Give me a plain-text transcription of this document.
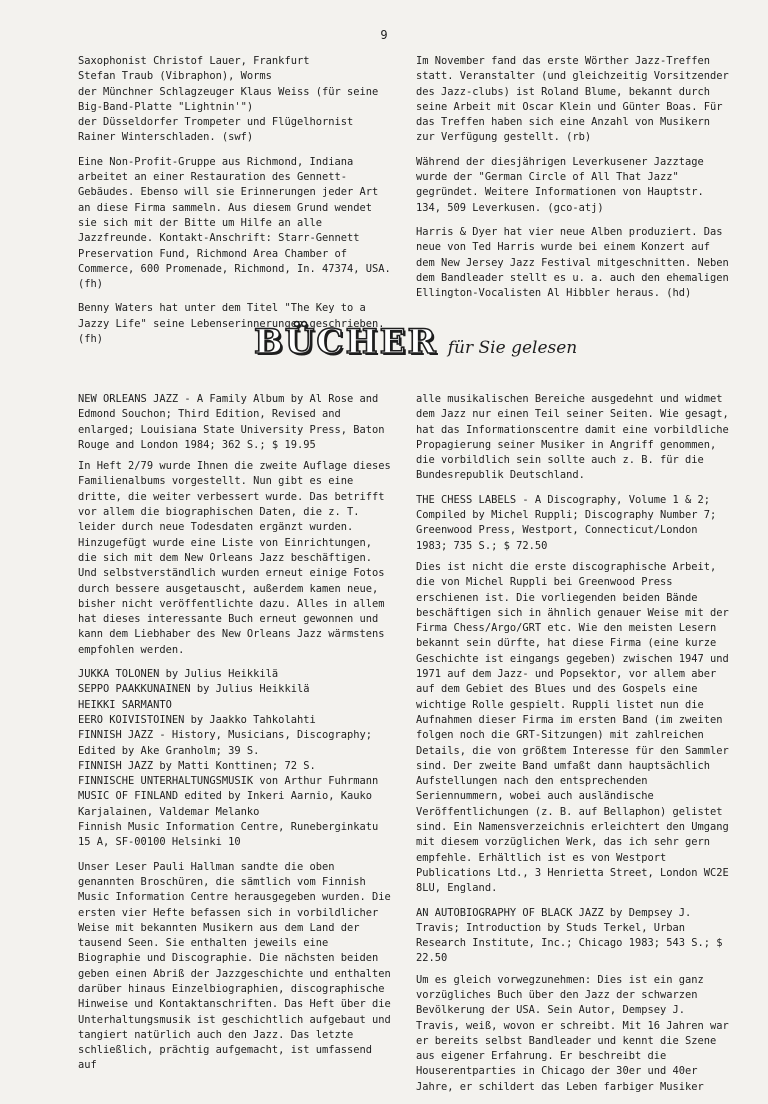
9

Saxophonist Christof Lauer, Frankfurt
Stefan Traub (Vibraphon), Worms
der Münchner Schlagzeuger Klaus Weiss (für seine Big-Band-Platte "Lightnin'")
der Düsseldorfer Trompeter und Flügelhornist Rainer Winterschladen. (swf)

Eine Non-Profit-Gruppe aus Richmond, Indiana arbeitet an einer Restauration des Gennett-Gebäudes. Ebenso will sie Erinnerungen jeder Art an diese Firma sammeln. Aus diesem Grund wendet sie sich mit der Bitte um Hilfe an alle Jazzfreunde. Kontakt-Anschrift: Starr-Gennett Preservation Fund, Richmond Area Chamber of Commerce, 600 Promenade, Richmond, In. 47374, USA. (fh)

Benny Waters hat unter dem Titel "The Key to a Jazzy Life" seine Lebenserinnerungen geschrieben. (fh)

Im November fand das erste Wörther Jazz-Treffen statt. Veranstalter (und gleichzeitig Vorsitzender des Jazz-clubs) ist Roland Blume, bekannt durch seine Arbeit mit Oscar Klein und Günter Boas. Für das Treffen haben sich eine Anzahl von Musikern zur Verfügung gestellt. (rb)

Während der diesjährigen Leverkusener Jazztage wurde der "German Circle of All That Jazz" gegründet. Weitere Informationen von Hauptstr. 134, 509 Leverkusen. (gco-atj)

Harris & Dyer hat vier neue Alben produziert. Das neue von Ted Harris wurde bei einem Konzert auf dem New Jersey Jazz Festival mitgeschnitten. Neben dem Bandleader stellt es u. a. auch den ehemaligen Ellington-Vocalisten Al Hibbler heraus. (hd)

BÜCHER für Sie gelesen

NEW ORLEANS JAZZ - A Family Album by Al Rose and Edmond Souchon; Third Edition, Revised and enlarged; Louisiana State University Press, Baton Rouge and London 1984; 362 S.; $ 19.95

In Heft 2/79 wurde Ihnen die zweite Auflage dieses Familienalbums vorgestellt. Nun gibt es eine dritte, die weiter verbessert wurde. Das betrifft vor allem die biographischen Daten, die z. T. leider durch neue Todesdaten ergänzt wurden. Hinzugefügt wurde eine Liste von Einrichtungen, die sich mit dem New Orleans Jazz beschäftigen. Und selbstverständlich wurden erneut einige Fotos durch bessere ausgetauscht, außerdem kamen neue, bisher nicht veröffentlichte dazu. Alles in allem hat dieses interessante Buch erneut gewonnen und kann dem Liebhaber des New Orleans Jazz wärmstens empfohlen werden.

JUKKA TOLONEN by Julius Heikkilä
SEPPO PAAKKUNAINEN by Julius Heikkilä
HEIKKI SARMANTO
EERO KOIVISTOINEN by Jaakko Tahkolahti
FINNISH JAZZ - History, Musicians, Discography; Edited by Ake Granholm; 39 S.
FINNISH JAZZ by Matti Konttinen; 72 S.
FINNISCHE UNTERHALTUNGSMUSIK von Arthur Fuhrmann
MUSIC OF FINLAND edited by Inkeri Aarnio, Kauko Karjalainen, Valdemar Melanko
Finnish Music Information Centre, Runeberginkatu 15 A, SF-00100 Helsinki 10

Unser Leser Pauli Hallman sandte die oben genannten Broschüren, die sämtlich vom Finnish Music Information Centre herausgegeben wurden. Die ersten vier Hefte befassen sich in vorbildlicher Weise mit bekannten Musikern aus dem Land der tausend Seen. Sie enthalten jeweils eine Biographie und Discographie. Die nächsten beiden geben einen Abriß der Jazzgeschichte und enthalten darüber hinaus Einzelbiographien, discographische Hinweise und Kontaktanschriften. Das Heft über die Unterhaltungsmusik ist geschichtlich aufgebaut und tangiert natürlich auch den Jazz. Das letzte schließlich, prächtig aufgemacht, ist umfassend auf

alle musikalischen Bereiche ausgedehnt und widmet dem Jazz nur einen Teil seiner Seiten. Wie gesagt, hat das Informationscentre damit eine vorbildliche Propagierung seiner Musiker in Angriff genommen, die vorbildlich sein sollte auch z. B. für die Bundesrepublik Deutschland.

THE CHESS LABELS - A Discography, Volume 1 & 2; Compiled by Michel Ruppli; Discography Number 7; Greenwood Press, Westport, Connecticut/London 1983; 735 S.; $ 72.50

Dies ist nicht die erste discographische Arbeit, die von Michel Ruppli bei Greenwood Press erschienen ist. Die vorliegenden beiden Bände beschäftigen sich in ähnlich genauer Weise mit der Firma Chess/Argo/GRT etc. Wie den meisten Lesern bekannt sein dürfte, hat diese Firma (eine kurze Geschichte ist eingangs gegeben) zwischen 1947 und 1971 auf dem Jazz- und Popsektor, vor allem aber auf dem Gebiet des Blues und des Gospels eine wichtige Rolle gespielt. Ruppli listet nun die Aufnahmen dieser Firma im ersten Band (im zweiten folgen noch die GRT-Sitzungen) mit zahlreichen Details, die von größtem Interesse für den Sammler sind. Der zweite Band umfaßt dann hauptsächlich Aufstellungen nach den entsprechenden Seriennummern, wobei auch ausländische Veröffentlichungen (z. B. auf Bellaphon) gelistet sind. Ein Namensverzeichnis erleichtert den Umgang mit diesem vorzüglichen Werk, das ich sehr gern empfehle. Erhältlich ist es von Westport Publications Ltd., 3 Henrietta Street, London WC2E 8LU, England.

AN AUTOBIOGRAPHY OF BLACK JAZZ by Dempsey J. Travis; Introduction by Studs Terkel, Urban Research Institute, Inc.; Chicago 1983; 543 S.; $ 22.50

Um es gleich vorwegzunehmen: Dies ist ein ganz vorzügliches Buch über den Jazz der schwarzen Bevölkerung der USA. Sein Autor, Dempsey J. Travis, weiß, wovon er schreibt. Mit 16 Jahren war er bereits selbst Bandleader und kennt die Szene aus eigener Erfahrung. Er beschreibt die Houserentparties in Chicago der 30er und 40er Jahre, er schildert das Leben farbiger Musiker
